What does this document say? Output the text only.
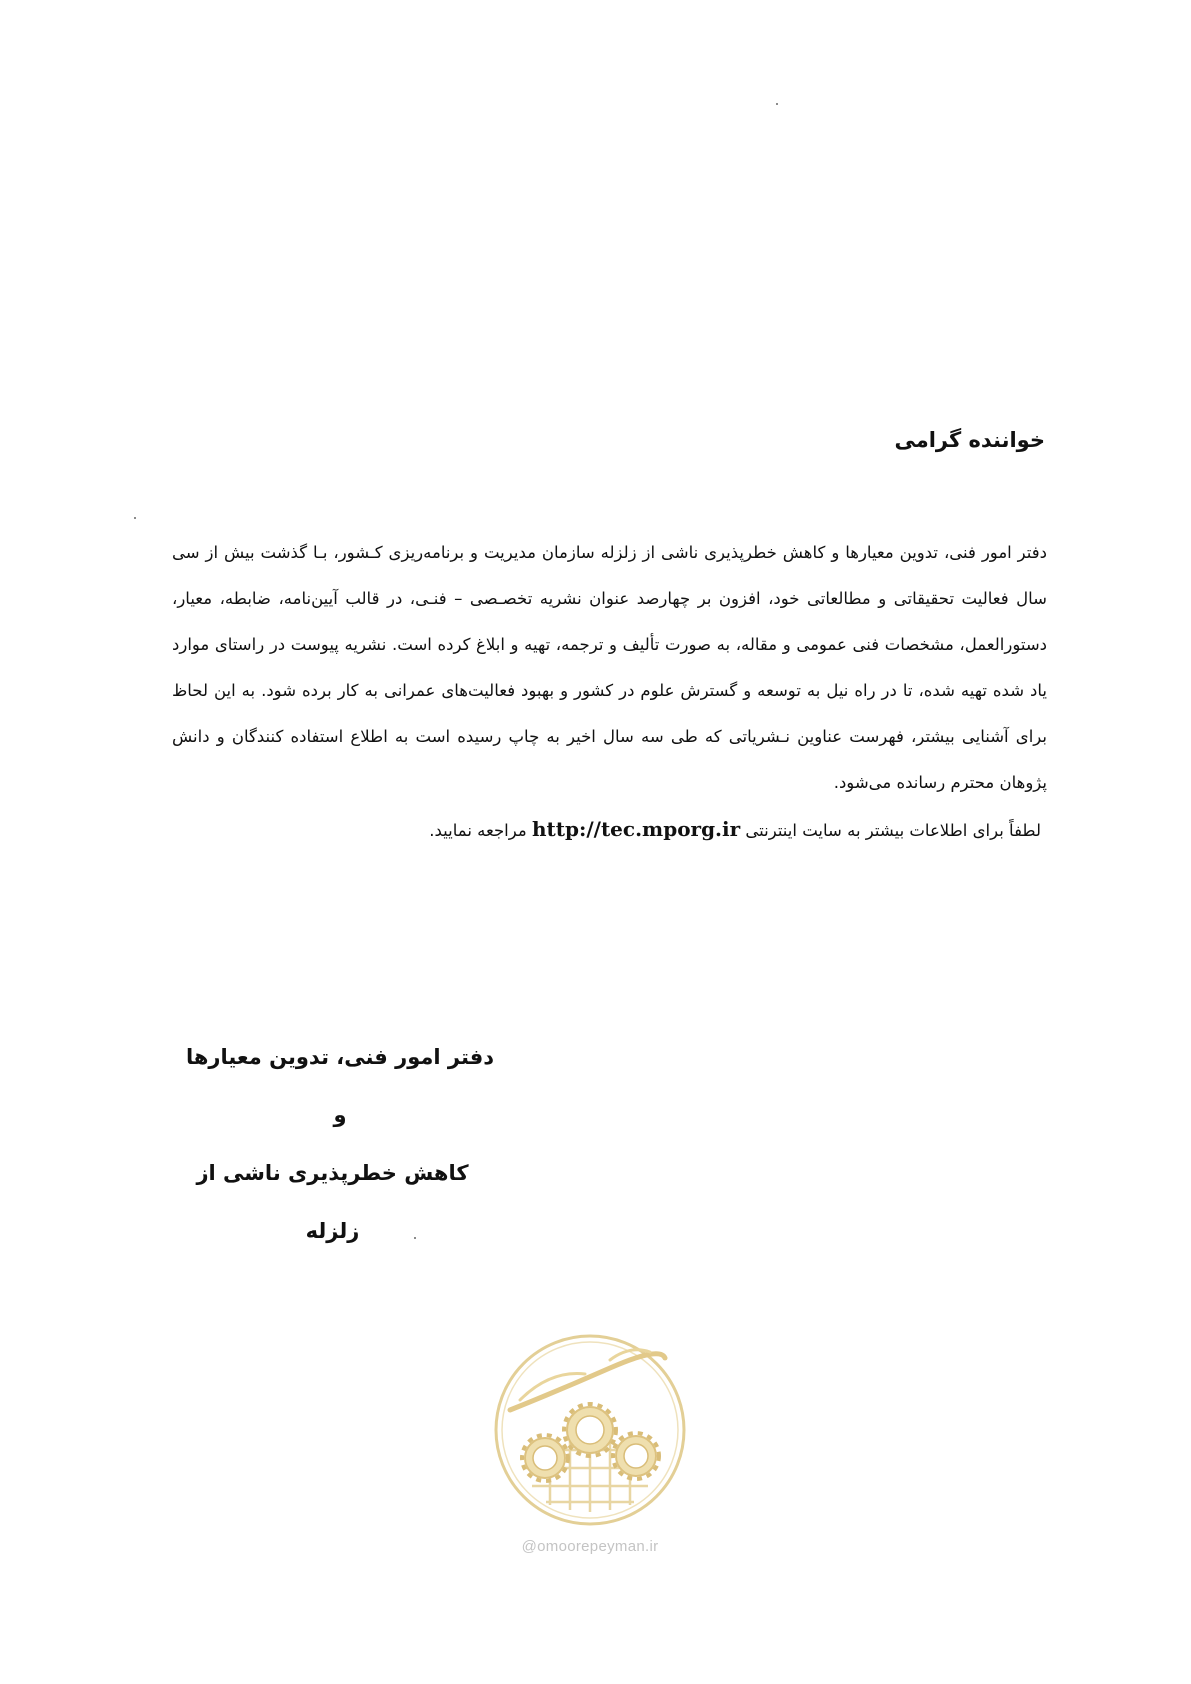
خواننده گرامی

دفتر امور فنی، تدوین معیارها و کاهش خطرپذیری ناشی از زلزله سازمان مدیریت و برنامه‌ریزی کـشور، بـا گذشت بیش از سی سال فعالیت تحقیقاتی و مطالعاتی خود، افزون بر چهارصد عنوان نشریه تخصـصی – فنـی، در قالب آیین‌نامه، ضابطه، معیار، دستورالعمل، مشخصات فنی عمومی و مقاله، به صورت تألیف و ترجمه، تهیه و ابلاغ کرده است. نشریه پیوست در راستای موارد یاد شده تهیه شده، تا در راه نیل به توسعه و گسترش علوم در کشور و بهبود فعالیت‌های عمرانی به کار برده شود. به این لحاظ برای آشنایی بیشتر، فهرست عناوین نـشریاتی که طی سه سال اخیر به چاپ رسیده است به اطلاع استفاده کنندگان و دانش پژوهان محترم رسانده می‌شود.

لطفاً برای اطلاعات بیشتر به سایت اینترنتی http://tec.mporg.ir مراجعه نمایید.

دفتر امور فنی، تدوین معیارها
و
کاهش خطرپذیری ناشی از زلزله
@omoorepeyman.ir
